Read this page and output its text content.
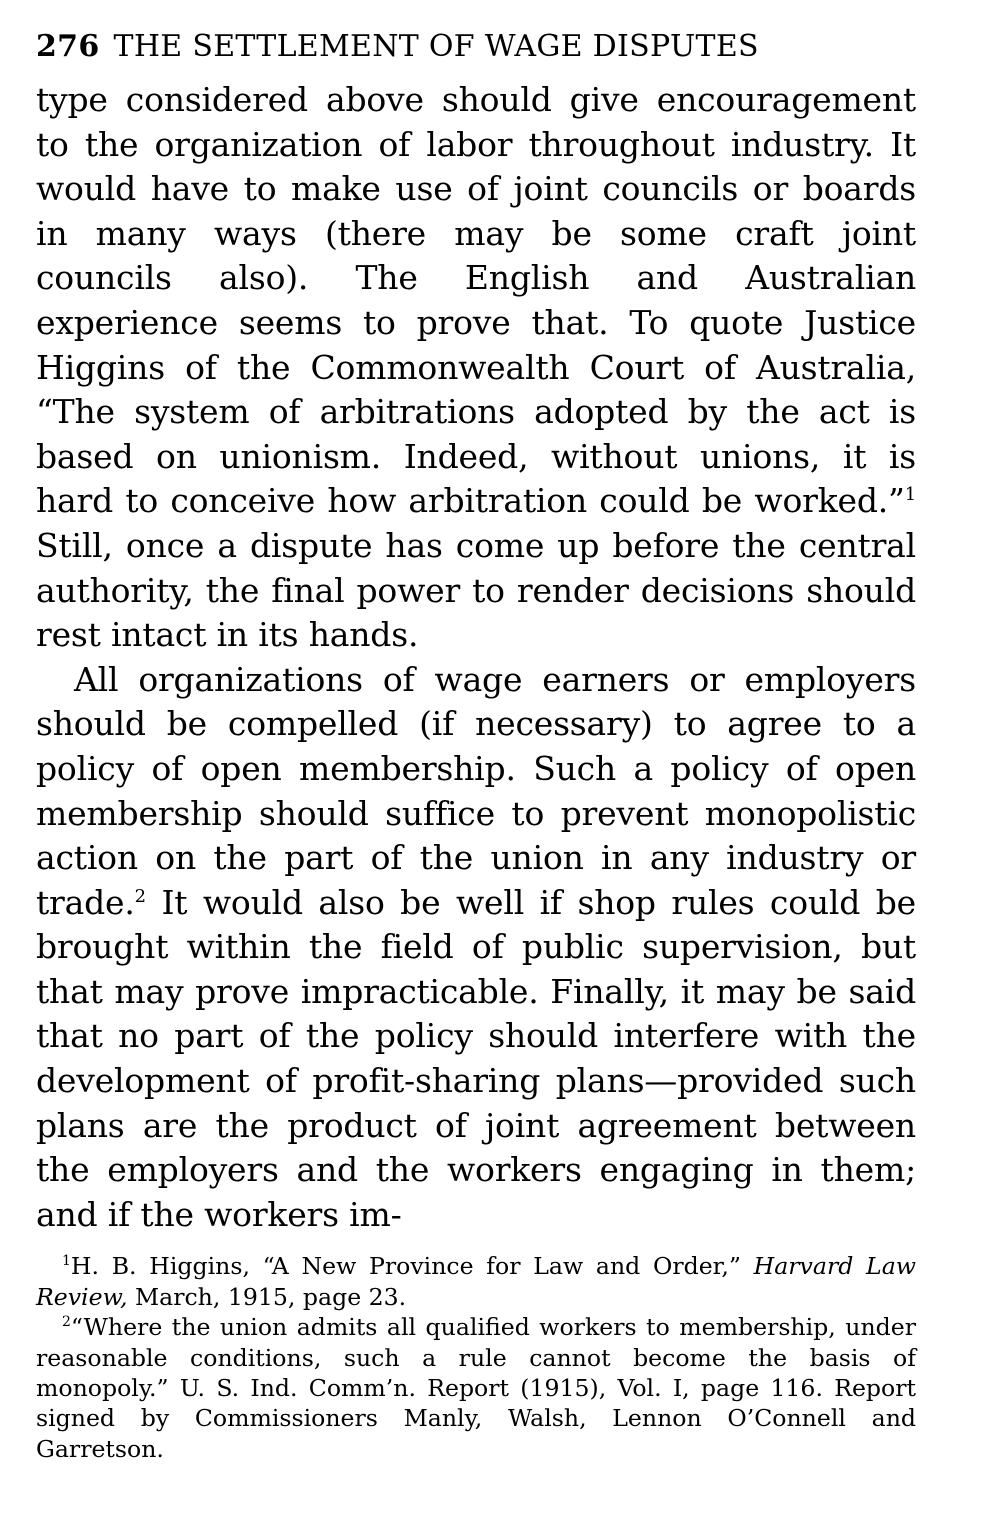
276 THE SETTLEMENT OF WAGE DISPUTES

type considered above should give encouragement to the organization of labor throughout industry. It would have to make use of joint councils or boards in many ways (there may be some craft joint councils also). The English and Australian experience seems to prove that. To quote Justice Higgins of the Commonwealth Court of Australia, “The system of arbitrations adopted by the act is based on unionism. Indeed, without unions, it is hard to conceive how arbitration could be worked.”$^1$ Still, once a dispute has come up before the central authority, the final power to render decisions should rest intact in its hands.

All organizations of wage earners or employers should be compelled (if necessary) to agree to a policy of open membership. Such a policy of open membership should suffice to prevent monopolistic action on the part of the union in any industry or trade.$^2$ It would also be well if shop rules could be brought within the field of public supervision, but that may prove impracticable. Finally, it may be said that no part of the policy should interfere with the development of profit-sharing plans—provided such plans are the product of joint agreement between the employers and the workers engaging in them; and if the workers im-

$^1$H. B. Higgins, “A New Province for Law and Order,” Harvard Law Review, March, 1915, page 23.

$^2$“Where the union admits all qualified workers to membership, under reasonable conditions, such a rule cannot become the basis of monopoly.” U. S. Ind. Comm’n. Report (1915), Vol. I, page 116. Report signed by Commissioners Manly, Walsh, Lennon O’Connell and Garretson.
